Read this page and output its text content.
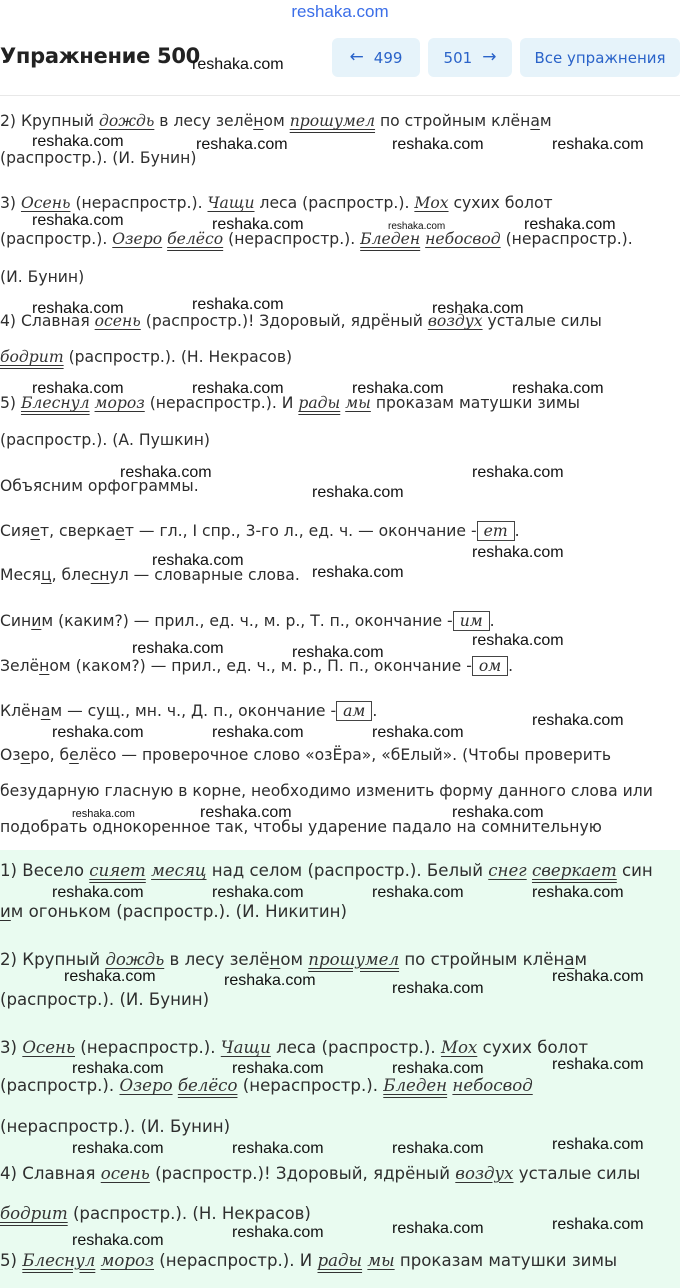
reshaka.com
Упражнение 500	← 499	501 →	Все упражнения
2) Крупный дождь в лесу зелёном прошумел по стройным клёнам
(распростр.). (И. Бунин)
3) Осень (нераспростр.). Чащи леса (распростр.). Мох сухих болот
(распростр.). Озеро белёсо (нераспростр.). Бледен небосвод (нераспростр.).
(И. Бунин)
4) Славная осень (распростр.)! Здоровый, ядрёный воздух усталые силы
бодрит (распростр.). (Н. Некрасов)
5) Блеснул мороз (нераспростр.). И рады мы проказам матушки зимы
(распростр.). (А. Пушкин)
Объясним орфограммы.
Сияет, сверкает — гл., I спр., 3-го л., ед. ч. — окончание - ет .
Месяц, блеснул — словарные слова.
Синим (каким?) — прил., ед. ч., м. р., Т. п., окончание - им .
Зелёном (каком?) — прил., ед. ч., м. р., П. п., окончание - ом .
Клёнам — сущ., мн. ч., Д. п., окончание - ам .
Озеро, белёсо — проверочное слово «озЁра», «бЕлый». (Чтобы проверить
безударную гласную в корне, необходимо изменить форму данного слова или
подобрать однокоренное так, чтобы ударение падало на сомнительную
1) Весело сияет месяц над селом (распростр.). Белый снег сверкает син
им огоньком (распростр.). (И. Никитин)
2) Крупный дождь в лесу зелёном прошумел по стройным клёнам
(распростр.). (И. Бунин)
3) Осень (нераспростр.). Чащи леса (распростр.). Мох сухих болот
(распростр.). Озеро белёсо (нераспростр.). Бледен небосвод
(нераспростр.). (И. Бунин)
4) Славная осень (распростр.)! Здоровый, ядрёный воздух усталые силы
бодрит (распростр.). (Н. Некрасов)
5) Блеснул мороз (нераспростр.). И рады мы проказам матушки зимы
reshaka.com
reshaka.com	reshaka.com	reshaka.com	reshaka.com
reshaka.com	reshaka.com	reshaka.com	reshaka.com
reshaka.com	reshaka.com	reshaka.com
reshaka.com	reshaka.com	reshaka.com	reshaka.com
reshaka.com	reshaka.com
reshaka.com
reshaka.com
reshaka.com
reshaka.com
reshaka.com
reshaka.com	reshaka.com
reshaka.com
reshaka.com	reshaka.com	reshaka.com
reshaka.com	reshaka.com	reshaka.com
reshaka.com	reshaka.com	reshaka.com	reshaka.com
reshaka.com	reshaka.com	reshaka.com
reshaka.com
reshaka.com	reshaka.com	reshaka.com	reshaka.com
reshaka.com	reshaka.com	reshaka.com	reshaka.com
reshaka.com	reshaka.com	reshaka.com	reshaka.com
